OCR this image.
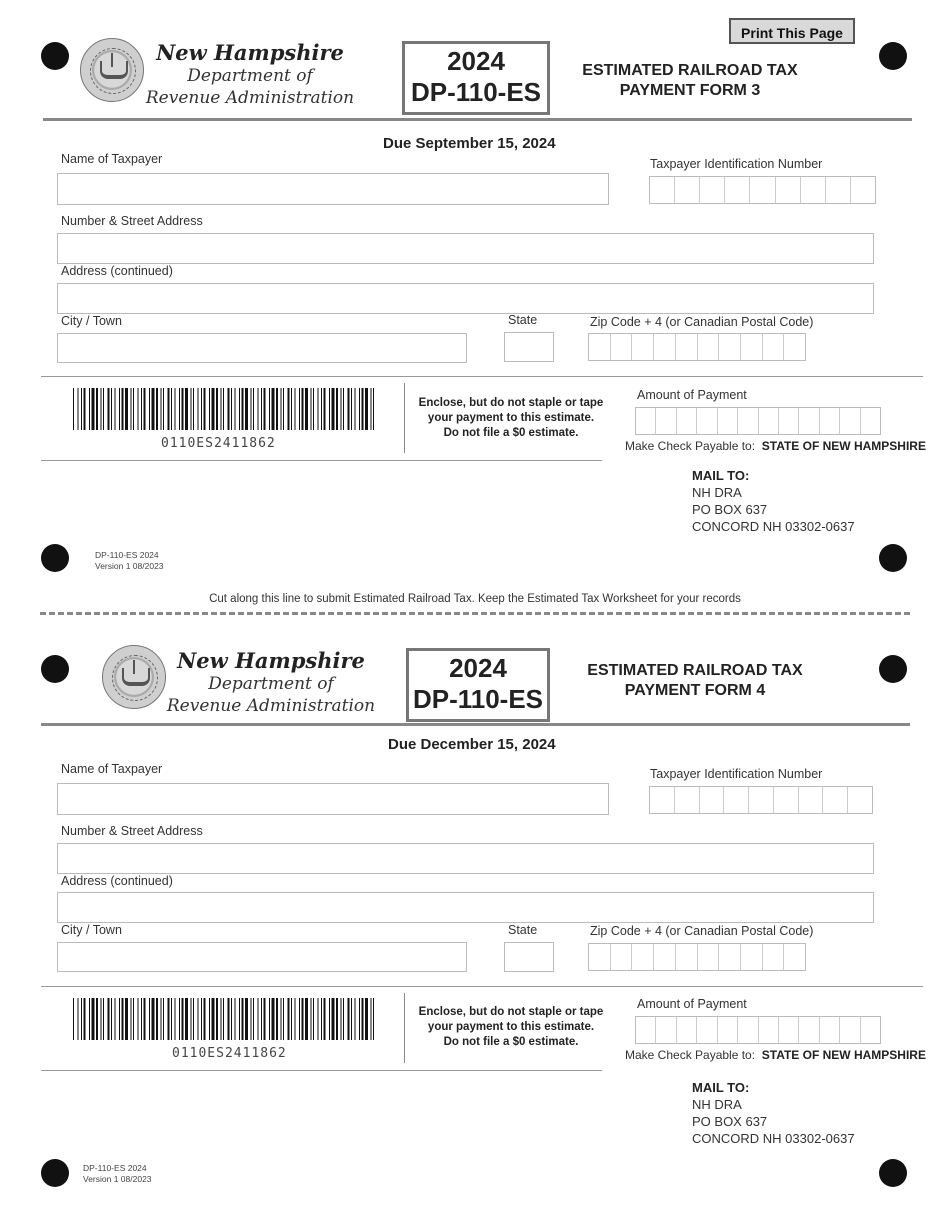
Print This Page
New Hampshire
Department of
Revenue Administration
2024
DP-110-ES
ESTIMATED RAILROAD TAX
PAYMENT FORM 3
Due September 15, 2024
Name of Taxpayer	Taxpayer Identification Number
Number & Street Address
Address (continued)
City / Town	State	Zip Code + 4 (or Canadian Postal Code)
0110ES2411862
Enclose, but do not staple or tape
your payment to this estimate.
Do not file a $0 estimate.
Amount of Payment
Make Check Payable to: STATE OF NEW HAMPSHIRE
MAIL TO:
NH DRA
PO BOX 637
CONCORD NH 03302-0637
DP-110-ES 2024
Version 1 08/2023
Cut along this line to submit Estimated Railroad Tax. Keep the Estimated Tax Worksheet for your records
New Hampshire
Department of
Revenue Administration
2024
DP-110-ES
ESTIMATED RAILROAD TAX
PAYMENT FORM 4
Due December 15, 2024
Name of Taxpayer	Taxpayer Identification Number
Number & Street Address
Address (continued)
City / Town	State	Zip Code + 4 (or Canadian Postal Code)
0110ES2411862
Enclose, but do not staple or tape
your payment to this estimate.
Do not file a $0 estimate.
Amount of Payment
Make Check Payable to: STATE OF NEW HAMPSHIRE
MAIL TO:
NH DRA
PO BOX 637
CONCORD NH 03302-0637
DP-110-ES 2024
Version 1 08/2023
